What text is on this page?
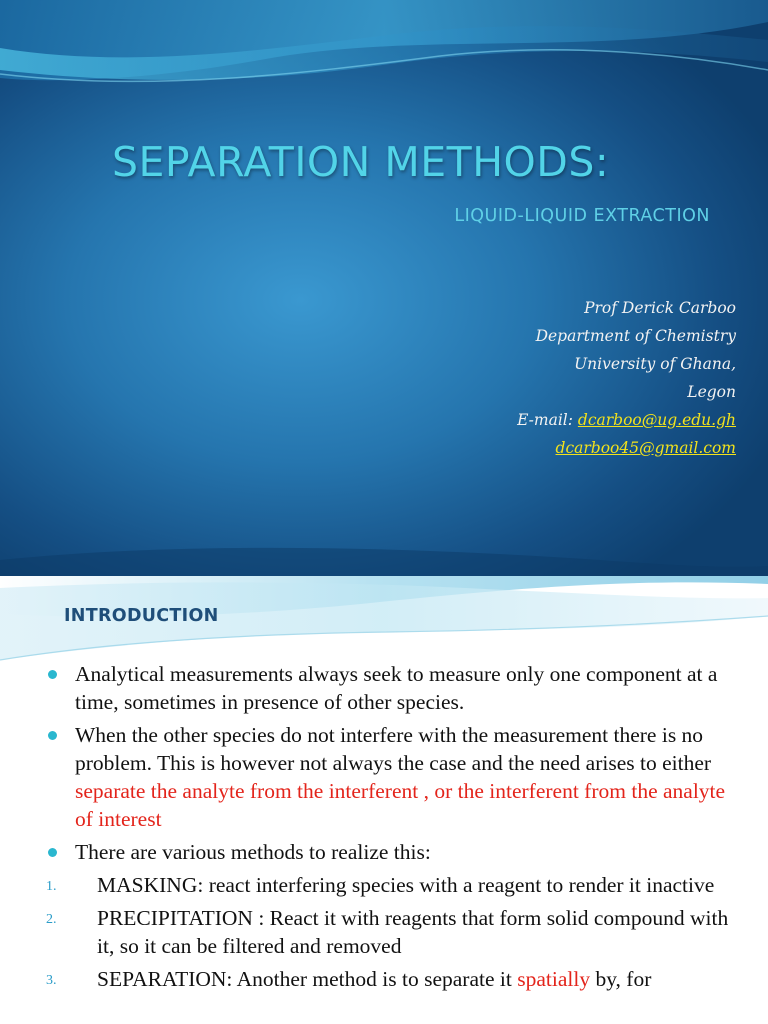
SEPARATION METHODS:
LIQUID-LIQUID EXTRACTION
Prof Derick Carboo
Department of Chemistry
University of Ghana,
Legon
E-mail: dcarboo@ug.edu.gh
dcarboo45@gmail.com
INTRODUCTION
Analytical measurements always seek to measure only one component at a time, sometimes in presence of other species.
When the other species do not interfere with the measurement there is no problem. This is however not always the case and the need arises to either separate the analyte from the interferent , or the interferent from the analyte of interest
There are various methods to realize this:
1. MASKING: react interfering species with a reagent to render it inactive
2. PRECIPITATION : React it with reagents that form solid compound with it, so it can be filtered and removed
3. SEPARATION: Another method is to separate it spatially by, for
